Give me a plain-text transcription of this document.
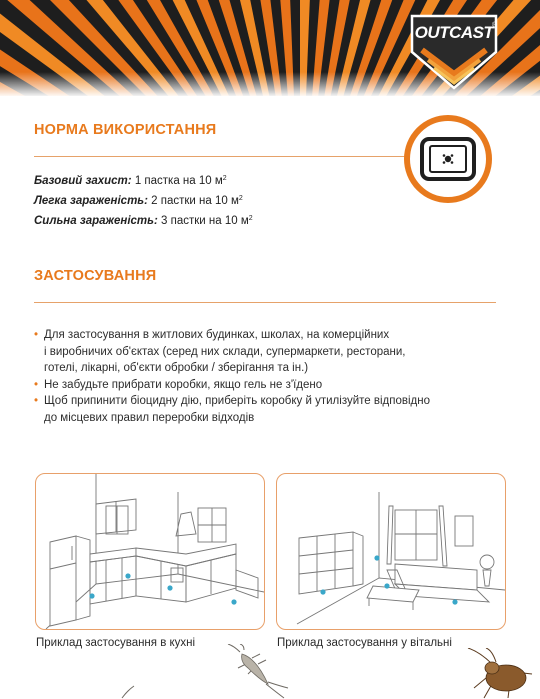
OUTCAST
®
НОРМА ВИКОРИСТАННЯ
Базовий захист: 1 пастка на 10 $м^2$
Легка зараженість: 2 пастки на 10 $м^2$
Сильна зараженість: 3 пастки на 10 $м^2$
ЗАСТОСУВАННЯ
• Для застосування в житлових будинках, школах, на комерційних
і виробничих об'єктах (серед них склади, супермаркети, ресторани,
готелі, лікарні, об'єкти обробки / зберігання та ін.)
• Не забудьте прибрати коробки, якщо гель не з'їдено
• Щоб припинити біоцидну дію, приберіть коробку й утилізуйте відповідно
до місцевих правил переробки відходів
Приклад застосування в кухні	Приклад застосування у вітальні
